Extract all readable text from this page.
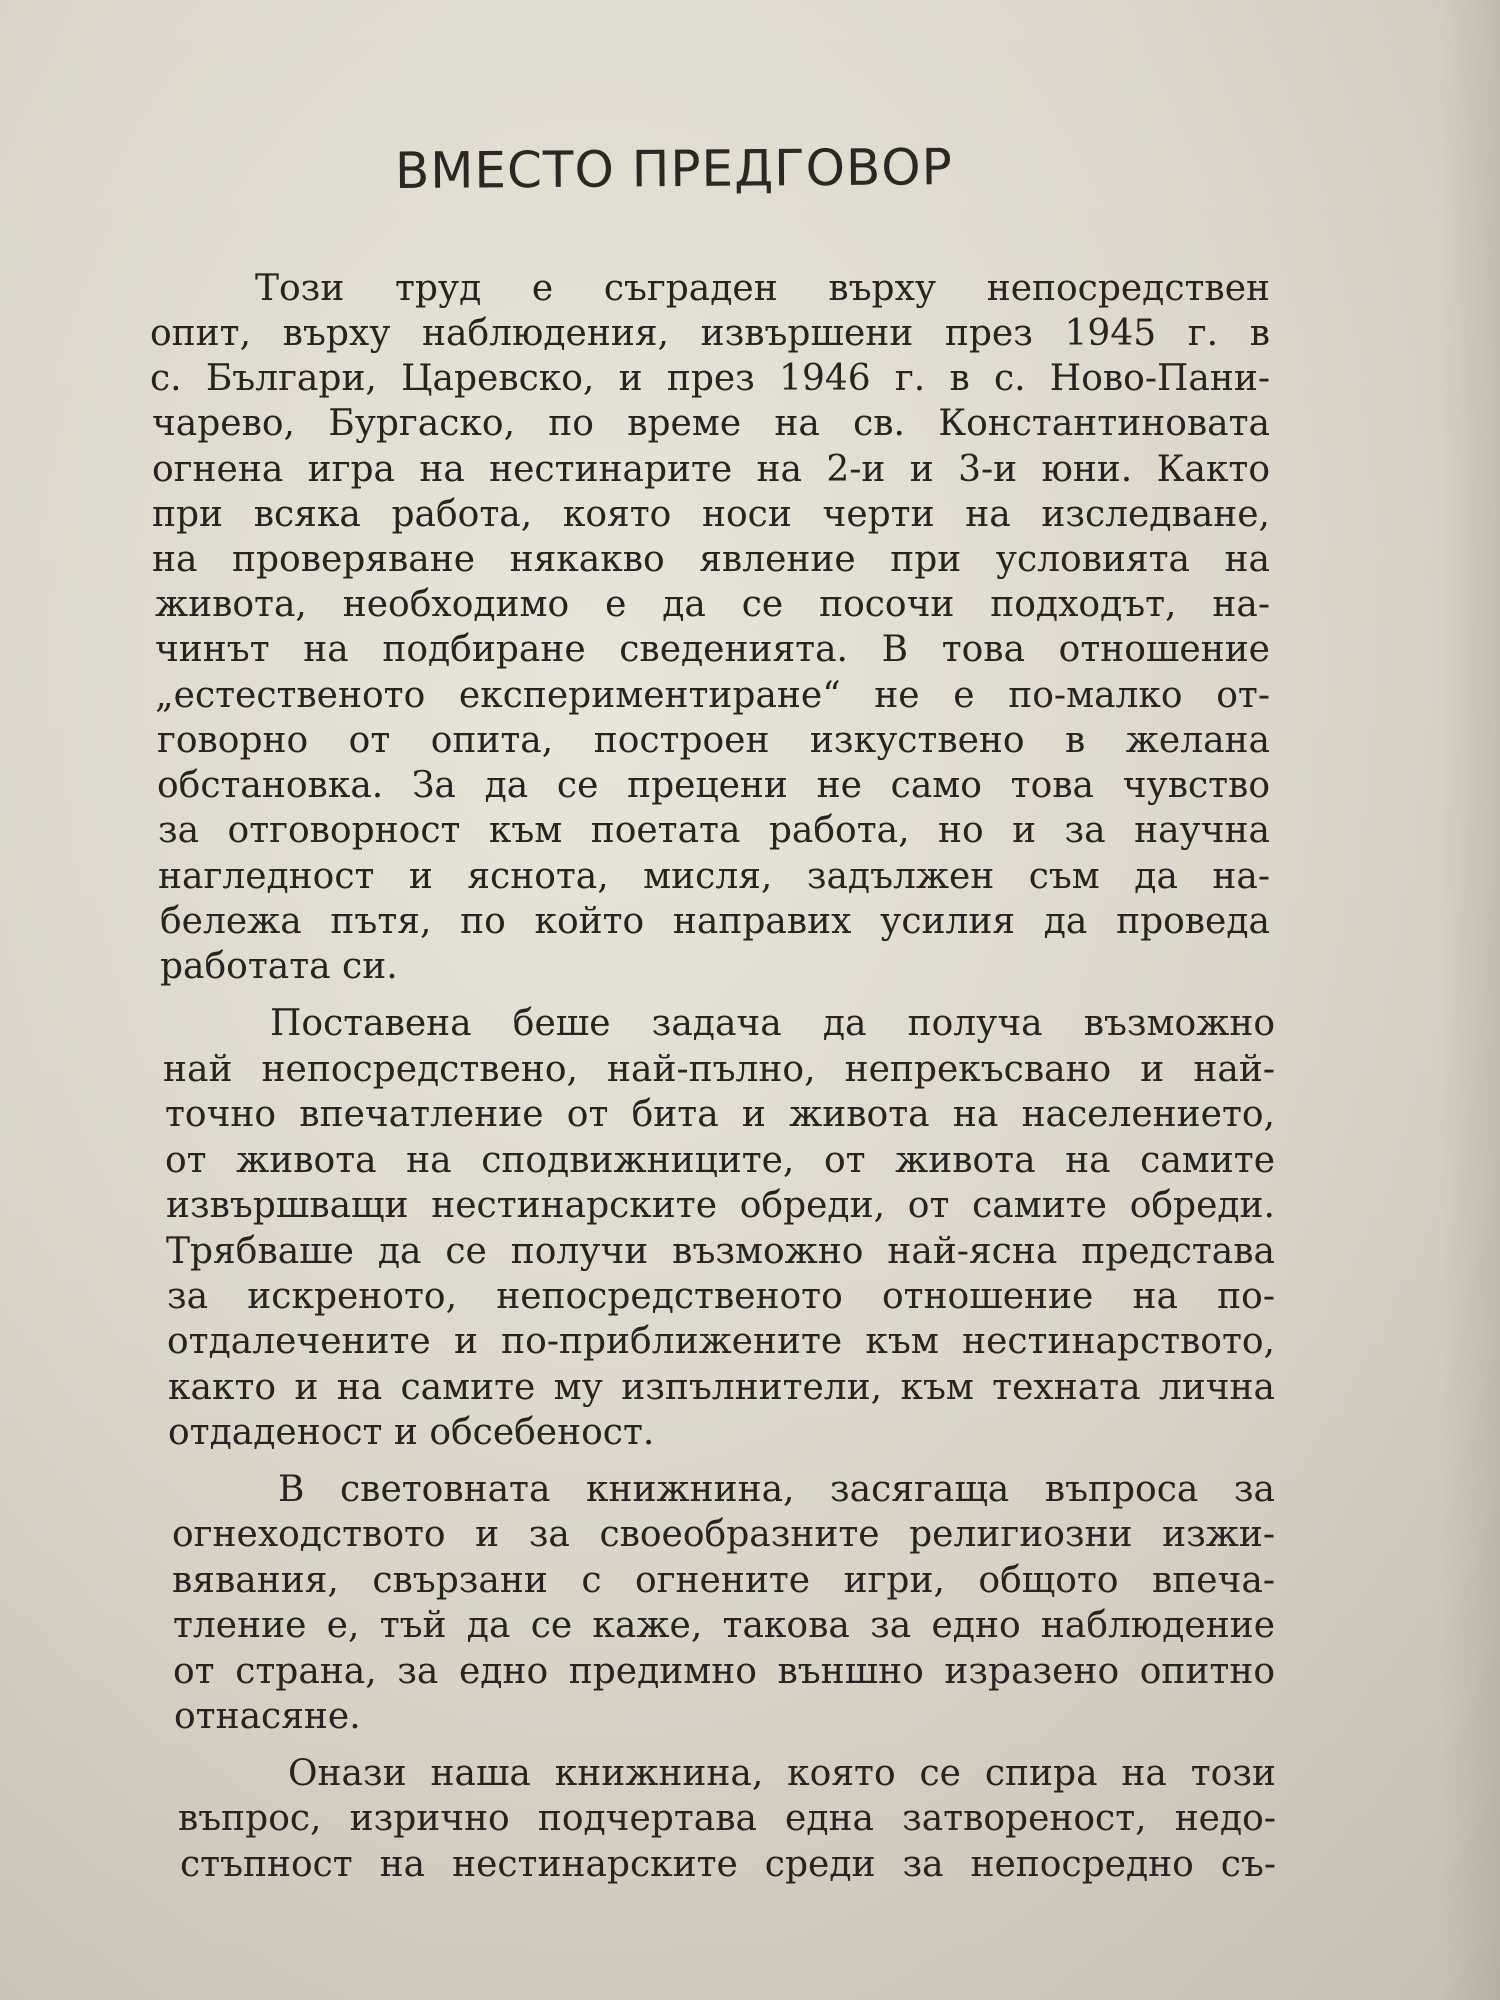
ВМЕСТО ПРЕДГОВОР
Този труд е съграден върху непосредствен
опит, върху наблюдения, извършени през 1945 г. в
с. Българи, Царевско, и през 1946 г. в с. Ново-Пани-
чарево, Бургаско, по време на св. Константиновата
огнена игра на нестинарите на 2-и и 3-и юни. Както
при всяка работа, която носи черти на изследване,
на проверяване някакво явление при условията на
живота, необходимо е да се посочи подходът, на-
чинът на подбиране сведенията. В това отношение
„естественото експериментиране“ не е по-малко от-
говорно от опита, построен изкуствено в желана
обстановка. За да се прецени не само това чувство
за отговорност към поетата работа, но и за научна
нагледност и яснота, мисля, задължен съм да на-
бележа пътя, по който направих усилия да проведа
работата си.
Поставена беше задача да получа възможно
най непосредствено, най-пълно, непрекъсвано и най-
точно впечатление от бита и живота на населението,
от живота на сподвижниците, от живота на самите
извършващи нестинарските обреди, от самите обреди.
Трябваше да се получи възможно най-ясна представа
за искреното, непосредственото отношение на по-
отдалечените и по-приближените към нестинарството,
както и на самите му изпълнители, към техната лична
отдаденост и обсебеност.
В световната книжнина, засягаща въпроса за
огнеходството и за своеобразните религиозни изжи-
вявания, свързани с огнените игри, общото впеча-
тление е, тъй да се каже, такова за едно наблюдение
от страна, за едно предимно външно изразено опитно
отнасяне.
Онази наша книжнина, която се спира на този
въпрос, изрично подчертава една затвореност, недо-
стъпност на нестинарските среди за непосредно съ-
